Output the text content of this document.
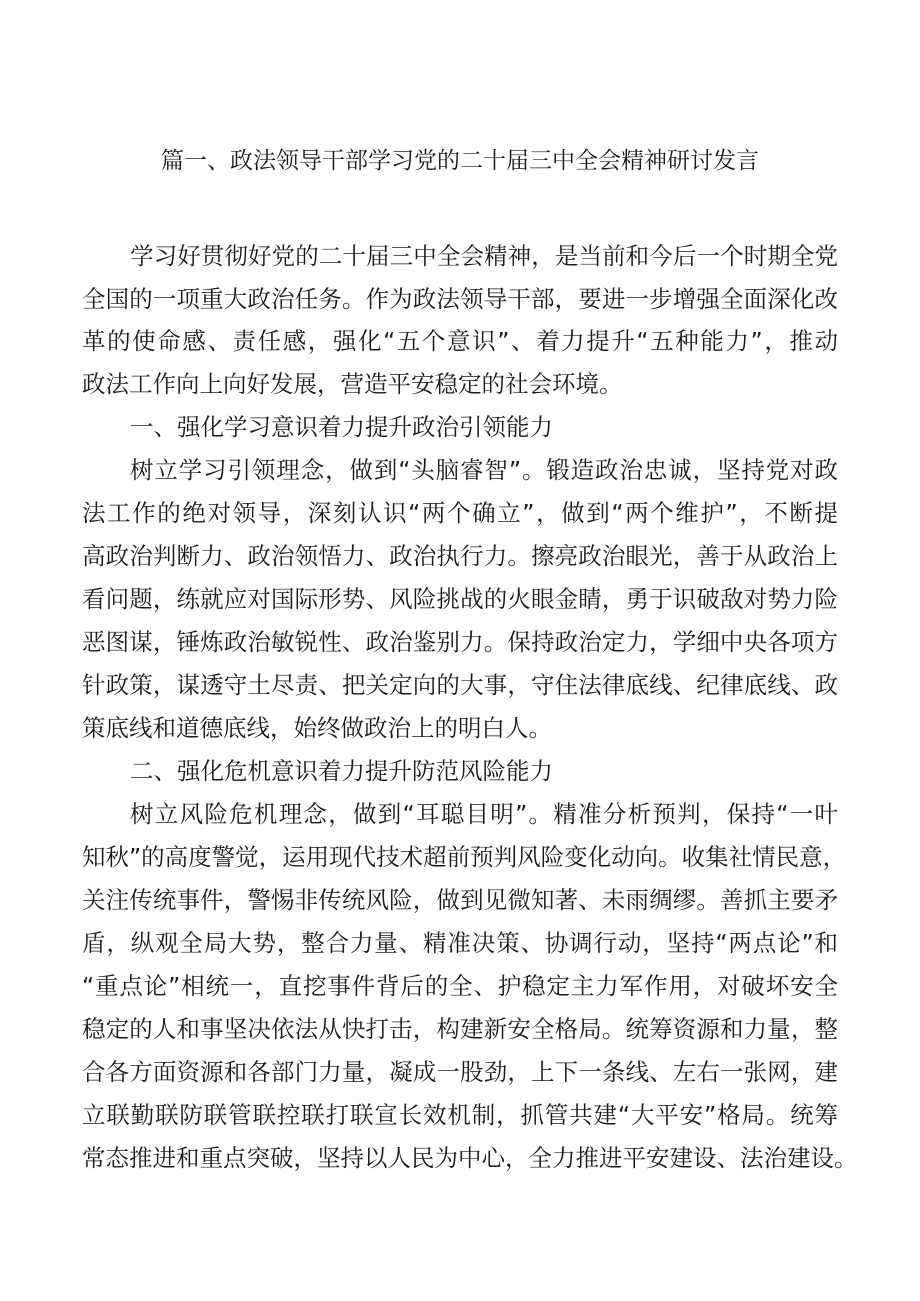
篇一、政法领导干部学习党的二十届三中全会精神研讨发言
学习好贯彻好党的二十届三中全会精神，是当前和今后一个时期全党
全国的一项重大政治任务。作为政法领导干部，要进一步增强全面深化改
革的使命感、责任感，强化“五个意识”、着力提升“五种能力”，推动
政法工作向上向好发展，营造平安稳定的社会环境。
一、强化学习意识着力提升政治引领能力
树立学习引领理念，做到“头脑睿智”。锻造政治忠诚，坚持党对政
法工作的绝对领导，深刻认识“两个确立”，做到“两个维护”，不断提
高政治判断力、政治领悟力、政治执行力。擦亮政治眼光，善于从政治上
看问题，练就应对国际形势、风险挑战的火眼金睛，勇于识破敌对势力险
恶图谋，锤炼政治敏锐性、政治鉴别力。保持政治定力，学细中央各项方
针政策，谋透守土尽责、把关定向的大事，守住法律底线、纪律底线、政
策底线和道德底线，始终做政治上的明白人。
二、强化危机意识着力提升防范风险能力
树立风险危机理念，做到“耳聪目明”。精准分析预判，保持“一叶
知秋”的高度警觉，运用现代技术超前预判风险变化动向。收集社情民意，
关注传统事件，警惕非传统风险，做到见微知著、未雨绸缪。善抓主要矛
盾，纵观全局大势，整合力量、精准决策、协调行动，坚持“两点论”和
“重点论”相统一，直挖事件背后的全、护稳定主力军作用，对破坏安全
稳定的人和事坚决依法从快打击，构建新安全格局。统筹资源和力量，整
合各方面资源和各部门力量，凝成一股劲，上下一条线、左右一张网，建
立联勤联防联管联控联打联宣长效机制，抓管共建“大平安”格局。统筹
常态推进和重点突破，坚持以人民为中心，全力推进平安建设、法治建设。
